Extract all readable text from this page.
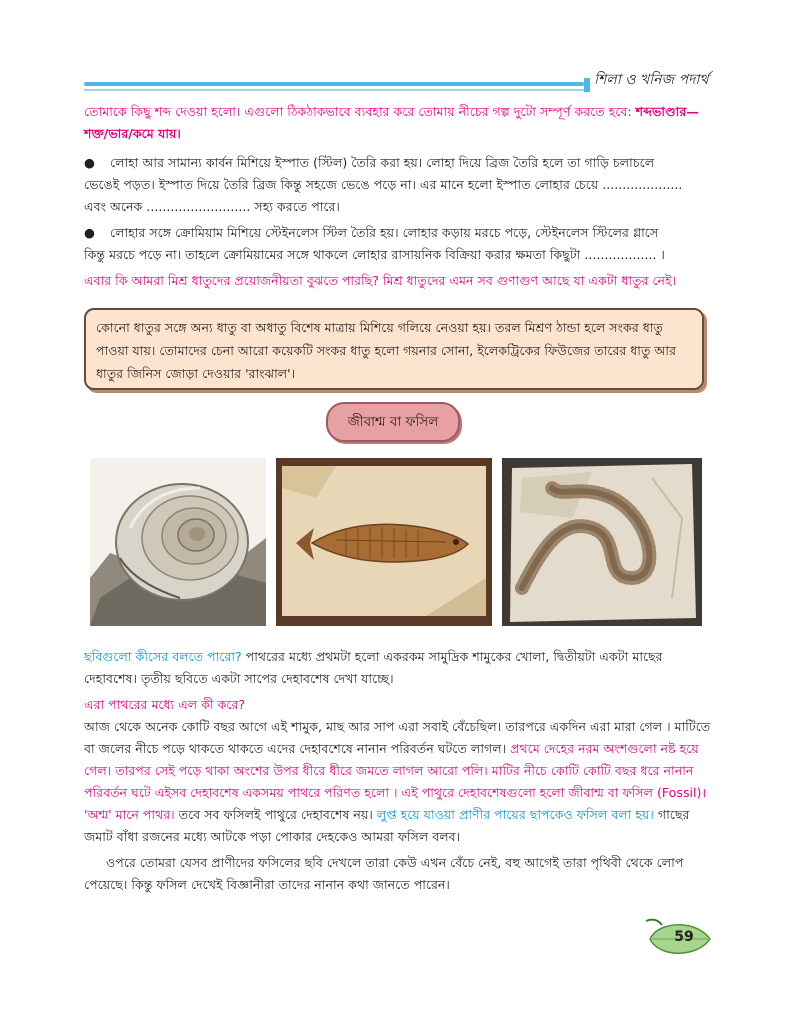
শিলা ও খনিজ পদার্থ
তোমাকে কিছু শব্দ দেওয়া হলো। এগুলো ঠিকঠাকভাবে ব্যবহার করে তোমায় নীচের গল্প দুটো সম্পূর্ণ করতে হবে: শব্দভাণ্ডার—শক্ত/ভার/কমে যায়।
● লোহা আর সামান্য কার্বন মিশিয়ে ইস্পাত (স্টিল) তৈরি করা হয়। লোহা দিয়ে ব্রিজ তৈরি হলে তা গাড়ি চলাচলে
ভেঙেই পড়ত। ইস্পাত দিয়ে তৈরি ব্রিজ কিন্তু সহজে ভেঙে পড়ে না। এর মানে হলো ইস্পাত লোহার চেয়ে ....................
এবং অনেক .......................... সহ্য করতে পারে।
● লোহার সঙ্গে ক্রোমিয়াম মিশিয়ে স্টেইনলেস স্টিল তৈরি হয়। লোহার কড়ায় মরচে পড়ে, স্টেইনলেস স্টিলের গ্লাসে
কিন্তু মরচে পড়ে না। তাহলে ক্রোমিয়ামের সঙ্গে থাকলে লোহার রাসায়নিক বিক্রিয়া করার ক্ষমতা কিছুটা .................. ।
এবার কি আমরা মিশ্র ধাতুদের প্রয়োজনীয়তা বুঝতে পারছি? মিশ্র ধাতুদের এমন সব গুণাগুণ আছে যা একটা ধাতুর নেই।
কোনো ধাতুর সঙ্গে অন্য ধাতু বা অধাতু বিশেষ মাত্রায় মিশিয়ে গলিয়ে নেওয়া হয়। তরল মিশ্রণ ঠান্ডা হলে সংকর ধাতু
পাওয়া যায়। তোমাদের চেনা আরো কয়েকটি সংকর ধাতু হলো গয়নার সোনা, ইলেকট্রিকের ফিউজের তারের ধাতু আর
ধাতুর জিনিস জোড়া দেওয়ার 'রাংঝাল'।
জীবাশ্ম বা ফসিল
ছবিগুলো কীসের বলতে পারো? পাথরের মধ্যে প্রথমটা হলো একরকম সামুদ্রিক শামুকের খোলা, দ্বিতীয়টা একটা মাছের
দেহাবশেষ। তৃতীয় ছবিতে একটা সাপের দেহাবশেষ দেখা যাচ্ছে।
এরা পাথরের মধ্যে এল কী করে?
আজ থেকে অনেক কোটি বছর আগে এই শামুক, মাছ আর সাপ এরা সবাই বেঁচেছিল। তারপরে একদিন এরা মারা গেল । মাটিতে
বা জলের নীচে পড়ে থাকতে থাকতে এদের দেহাবশেষে নানান পরিবর্তন ঘটতে লাগল। প্রথমে দেহের নরম অংশগুলো নষ্ট হয়ে
গেল। তারপর সেই পড়ে থাকা অংশের উপর ধীরে ধীরে জমতে লাগল আরো পলি। মাটির নীচে কোটি কোটি বছর ধরে নানান
পরিবর্তন ঘটে এইসব দেহাবশেষ একসময় পাথরে পরিণত হলো । এই পাথুরে দেহাবশেষগুলো হলো জীবাশ্ম বা ফসিল (Fossil)।
'অশ্ম' মানে পাথর। তবে সব ফসিলই পাথুরে দেহাবশেষ নয়। লুপ্ত হয়ে যাওয়া প্রাণীর পায়ের ছাপকেও ফসিল বলা হয়। গাছের
জমাট বাঁধা রজনের মধ্যে আটকে পড়া পোকার দেহকেও আমরা ফসিল বলব।
ওপরে তোমরা যেসব প্রাণীদের ফসিলের ছবি দেখলে তারা কেউ এখন বেঁচে নেই, বহু আগেই তারা পৃথিবী থেকে লোপ
পেয়েছে। কিন্তু ফসিল দেখেই বিজ্ঞানীরা তাদের নানান কথা জানতে পারেন।
59
